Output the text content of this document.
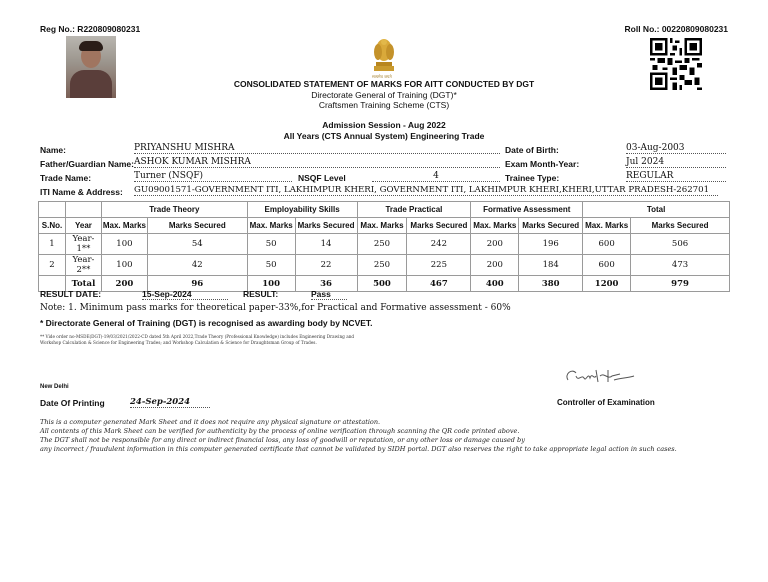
Reg No.: R220809080231	Roll No.: 00220809080231
सत्यमेव जयते
CONSOLIDATED STATEMENT OF MARKS FOR AITT CONDUCTED BY DGT
Directorate General of Training (DGT)*
Craftsmen Training Scheme (CTS)
Admission Session - Aug 2022
All Years (CTS Annual System) Engineering Trade
Name:	PRIYANSHU MISHRA
Father/Guardian Name: ASHOK KUMAR MISHRA
Trade Name:	Turner (NSQF)	NSQF Level	4
ITI Name & Address: GU09001571-GOVERNMENT ITI, LAKHIMPUR KHERI, GOVERNMENT ITI, LAKHIMPUR KHERI,KHERI,UTTAR PRADESH-262701
Date of Birth:	03-Aug-2003
Exam Month-Year:	Jul 2024
Trainee Type:	REGULAR
		Trade Theory		Employability Skills		Trade Practical		Formative Assessment		Total	
S.No.	Year	Max. Marks	Marks Secured	Max. Marks	Marks Secured	Max. Marks	Marks Secured	Max. Marks	Marks Secured	Max. Marks	Marks Secured
1	Year-1**	100	54	50	14	250	242	200	196	600	506
2	Year-2**	100	42	50	22	250	225	200	184	600	473
	Total	200	96	100	36	500	467	400	380	1200	979
RESULT DATE:	15-Sep-2024	RESULT:	Pass
Note: 1. Minimum pass marks for theoretical paper-33%,for Practical and Formative assessment - 60%
* Directorate General of Training (DGT) is recognised as awarding body by NCVET.
** Vide order no-MSDE(DGT)-19/03/2021/2022-CD dated 5th April 2022,Trade Theory (Professional Knowledge) includes Engineering Drawing and
Workshop Calculation & Science for Engineering Trades; and Workshop Calculation & Science for Draughtsman Group of Trades.
New Delhi
Date Of Printing	24-Sep-2024	Controller of Examination
This is a computer generated Mark Sheet and it does not require any physical signature or attestation.
All contents of this Mark Sheet can be verified for authenticity by the process of online verification through scanning the QR code printed above.
The DGT shall not be responsible for any direct or indirect financial loss, any loss of goodwill or reputation, or any other loss or damage caused by
any incorrect / fraudulent information in this computer generated certificate that cannot be validated by SIDH portal. DGT also reserves the right to take appropriate legal action in such cases.
